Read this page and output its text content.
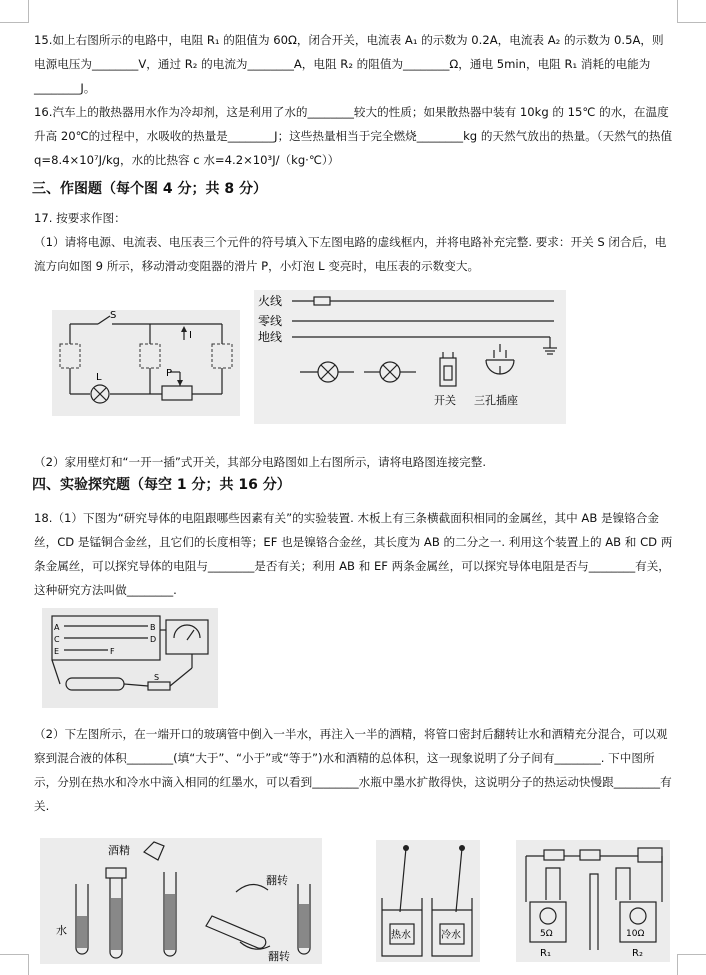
15.如上右图所示的电路中，电阻 R₁ 的阻值为 60Ω，闭合开关，电流表 A₁ 的示数为 0.2A，电流表 A₂ 的示数为 0.5A，则电源电压为________V，通过 R₂ 的电流为________A，电阻 R₂ 的阻值为________Ω，通电 5min，电阻 R₁ 消耗的电能为________J。
16.汽车上的散热器用水作为冷却剂，这是利用了水的________较大的性质；如果散热器中装有 10kg 的 15℃ 的水，在温度升高 20℃的过程中，水吸收的热量是________J；这些热量相当于完全燃烧________kg 的天然气放出的热量。（天然气的热值 q=8.4×10⁷J/kg，水的比热容 c 水=4.2×10³J/（kg·℃））
三、作图题（每个图 4 分；共 8 分）
17. 按要求作图：
（1）请将电源、电流表、电压表三个元件的符号填入下左图电路的虚线框内，并将电路补充完整. 要求：开关 S 闭合后，电流方向如图 9 所示，移动滑动变阻器的滑片 P，小灯泡 L 变亮时，电压表的示数变大。
S
I
L	P
火线
零线
地线
开关 三孔插座
（2）家用壁灯和“一开一插”式开关，其部分电路图如上右图所示，请将电路图连接完整.
四、实验探究题（每空 1 分；共 16 分）
18.（1）下图为“研究导体的电阻跟哪些因素有关”的实验装置. 木板上有三条横截面积相同的金属丝，其中 AB 是镍铬合金丝，CD 是锰铜合金丝，且它们的长度相等；EF 也是镍铬合金丝，其长度为 AB 的二分之一. 利用这个装置上的 AB 和 CD 两条金属丝，可以探究导体的电阻与________是否有关；利用 AB 和 EF 两条金属丝，可以探究导体电阻是否与________有关，这种研究方法叫做________.
A	B
C	D
E	F
S
（2）下左图所示，在一端开口的玻璃管中倒入一半水，再注入一半的酒精，将管口密封后翻转让水和酒精充分混合，可以观察到混合液的体积________(填“大于”、“小于”或“等于”)水和酒精的总体积，这一现象说明了分子间有________. 下中图所示，分别在热水和冷水中滴入相同的红墨水，可以看到________水瓶中墨水扩散得快，这说明分子的热运动快慢跟________有关.
酒精
水
翻转
翻转
热水	冷水	5Ω
R₁
10Ω
R₂
